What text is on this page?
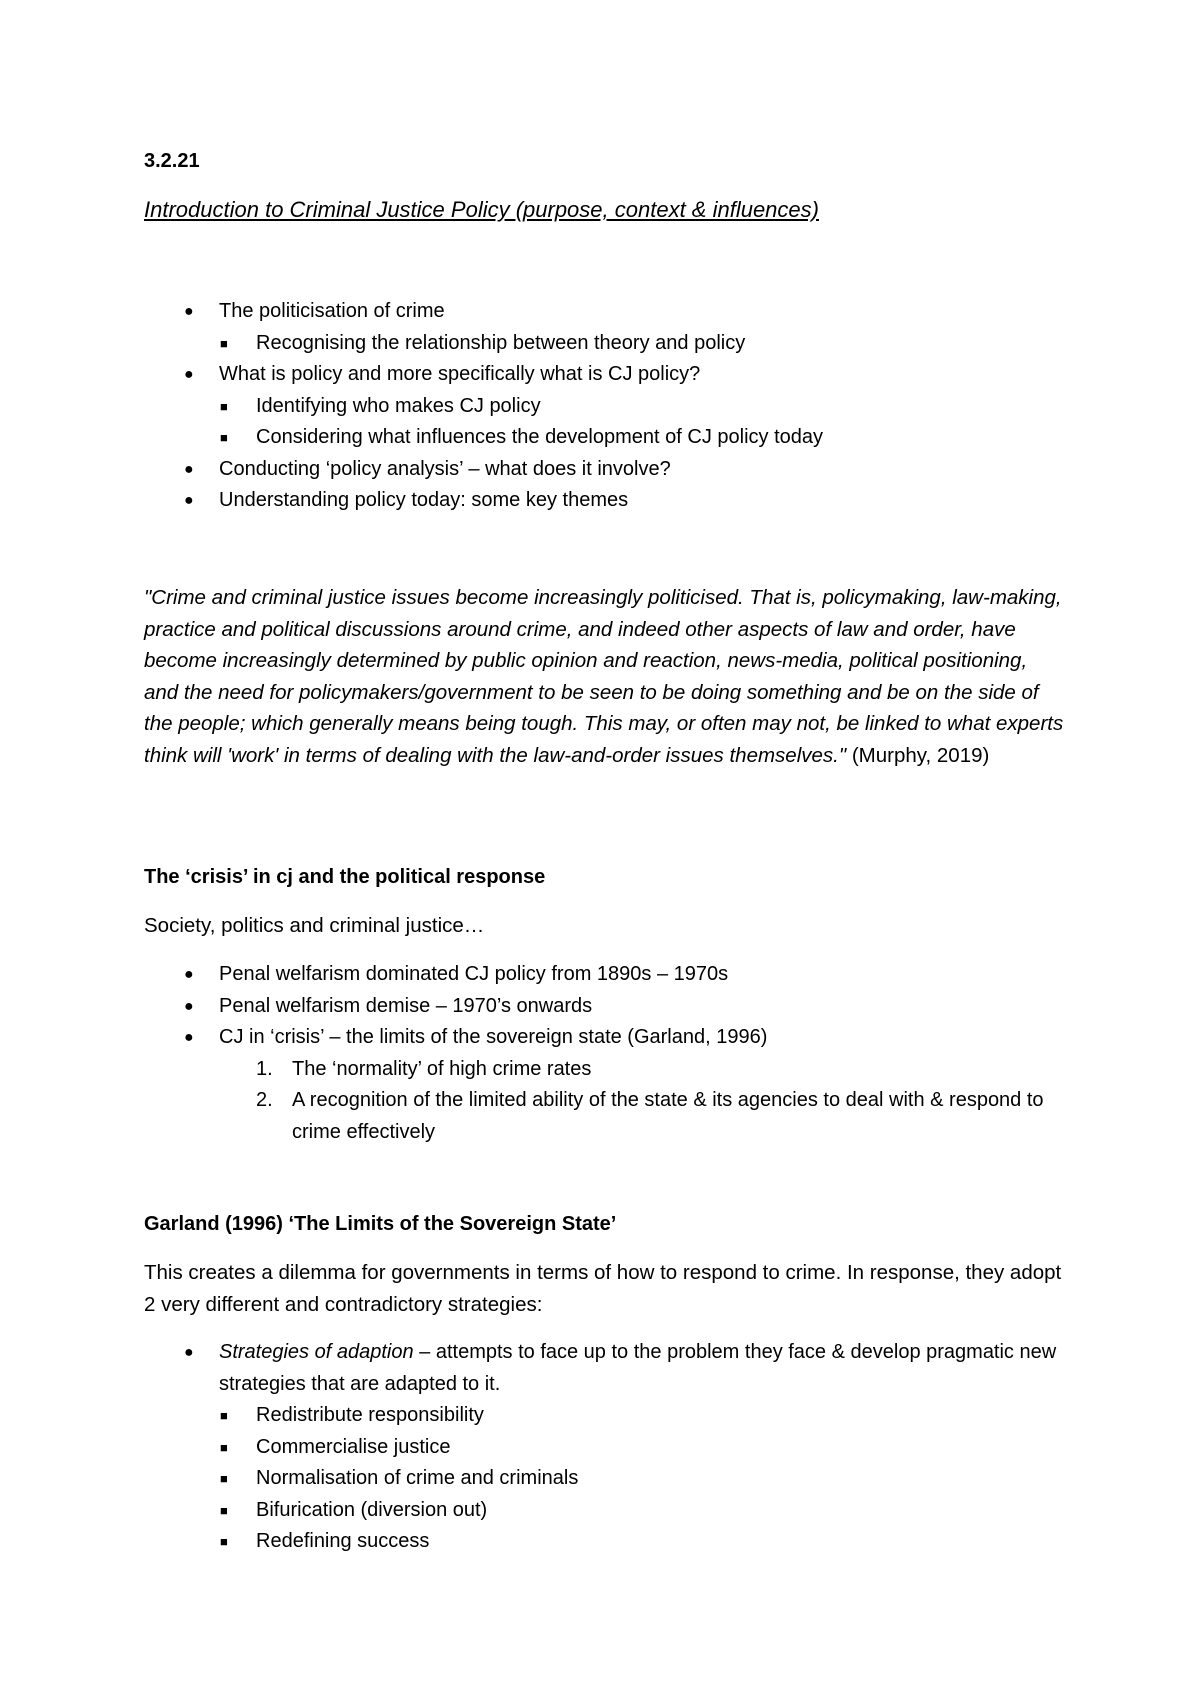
3.2.21
Introduction to Criminal Justice Policy (purpose, context & influences)
● The politicisation of crime
■ Recognising the relationship between theory and policy
● What is policy and more specifically what is CJ policy?
■ Identifying who makes CJ policy
■ Considering what influences the development of CJ policy today
● Conducting ‘policy analysis’ – what does it involve?
● Understanding policy today: some key themes

"Crime and criminal justice issues become increasingly politicised. That is, policymaking, law-making, practice and political discussions around crime, and indeed other aspects of law and order, have become increasingly determined by public opinion and reaction, news-media, political positioning, and the need for policymakers/government to be seen to be doing something and be on the side of the people; which generally means being tough. This may, or often may not, be linked to what experts think will 'work' in terms of dealing with the law-and-order issues themselves." (Murphy, 2019)

The ‘crisis’ in cj and the political response

Society, politics and criminal justice…

● Penal welfarism dominated CJ policy from 1890s – 1970s
● Penal welfarism demise – 1970’s onwards
● CJ in ‘crisis’ – the limits of the sovereign state (Garland, 1996)
1. The ‘normality’ of high crime rates
2. A recognition of the limited ability of the state & its agencies to deal with & respond to crime effectively
Garland (1996) ‘The Limits of the Sovereign State’

This creates a dilemma for governments in terms of how to respond to crime. In response, they adopt 2 very different and contradictory strategies:

● Strategies of adaption – attempts to face up to the problem they face & develop pragmatic new strategies that are adapted to it.
■ Redistribute responsibility
■ Commercialise justice
■ Normalisation of crime and criminals
■ Bifurication (diversion out)
■ Redefining success
